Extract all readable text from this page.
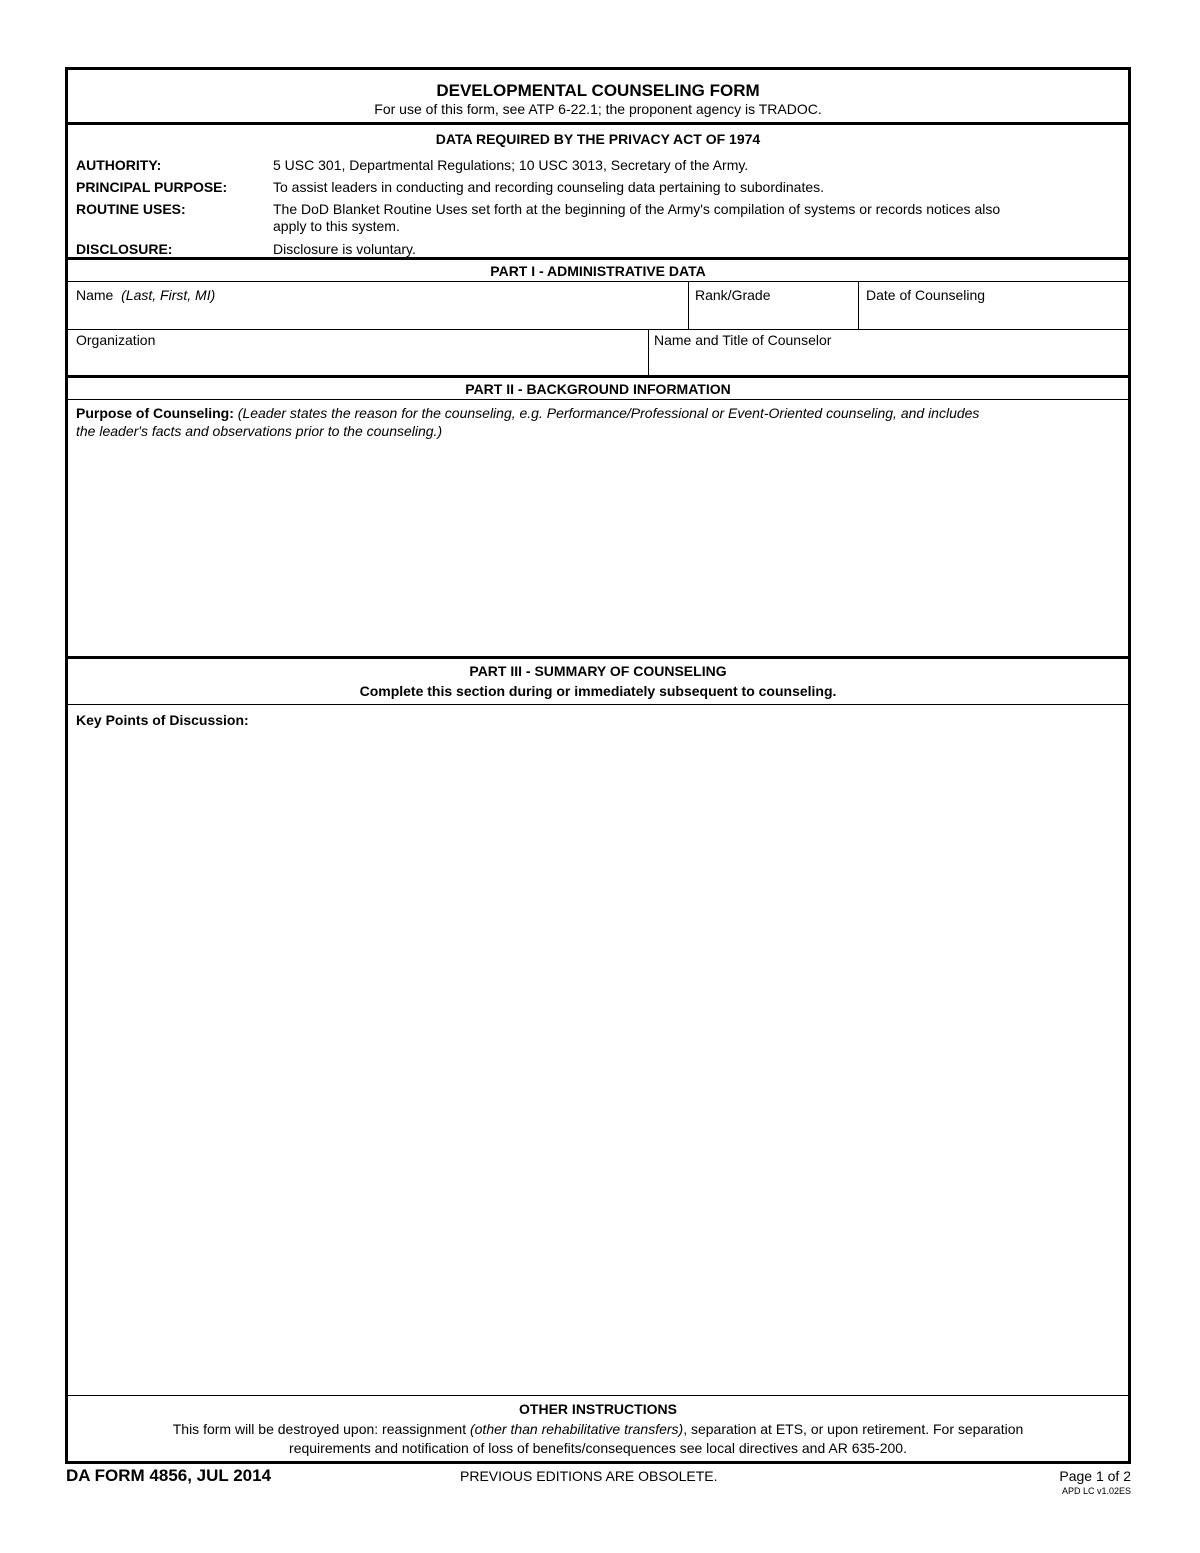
DEVELOPMENTAL COUNSELING FORM
For use of this form, see ATP 6-22.1; the proponent agency is TRADOC.
DATA REQUIRED BY THE PRIVACY ACT OF 1974
AUTHORITY:	5 USC 301, Departmental Regulations; 10 USC 3013, Secretary of the Army.
PRINCIPAL PURPOSE:	To assist leaders in conducting and recording counseling data pertaining to subordinates.
ROUTINE USES:	The DoD Blanket Routine Uses set forth at the beginning of the Army's compilation of systems or records notices also
apply to this system.
DISCLOSURE:	Disclosure is voluntary.
PART I - ADMINISTRATIVE DATA
Name (Last, First, MI)	Rank/Grade	Date of Counseling
Organization	Name and Title of Counselor
PART II - BACKGROUND INFORMATION
Purpose of Counseling: (Leader states the reason for the counseling, e.g. Performance/Professional or Event-Oriented counseling, and includes
the leader's facts and observations prior to the counseling.)
PART III - SUMMARY OF COUNSELING
Complete this section during or immediately subsequent to counseling.
Key Points of Discussion:
OTHER INSTRUCTIONS
This form will be destroyed upon: reassignment (other than rehabilitative transfers), separation at ETS, or upon retirement. For separation
requirements and notification of loss of benefits/consequences see local directives and AR 635-200.
DA FORM 4856, JUL 2014	PREVIOUS EDITIONS ARE OBSOLETE.	Page 1 of 2
APD LC v1.02ES
